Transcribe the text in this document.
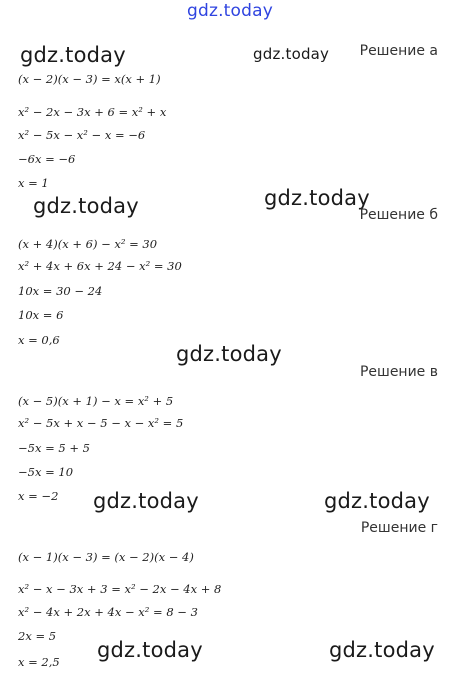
gdz.today
gdz.today	gdz.today
gdz.today	gdz.today
gdz.today
gdz.today	gdz.today
gdz.today	gdz.today
Решение а
(x − 2)(x − 3) = x(x + 1)
x² − 2x − 3x + 6 = x² + x
x² − 5x − x² − x = −6
−6x = −6
x = 1
Решение б
(x + 4)(x + 6) − x² = 30
x² + 4x + 6x + 24 − x² = 30
10x = 30 − 24
10x = 6
x = 0,6
Решение в
(x − 5)(x + 1) − x = x² + 5
x² − 5x + x − 5 − x − x² = 5
−5x = 5 + 5
−5x = 10
x = −2
Решение г
(x − 1)(x − 3) = (x − 2)(x − 4)
x² − x − 3x + 3 = x² − 2x − 4x + 8
x² − 4x + 2x + 4x − x² = 8 − 3
2x = 5
x = 2,5
